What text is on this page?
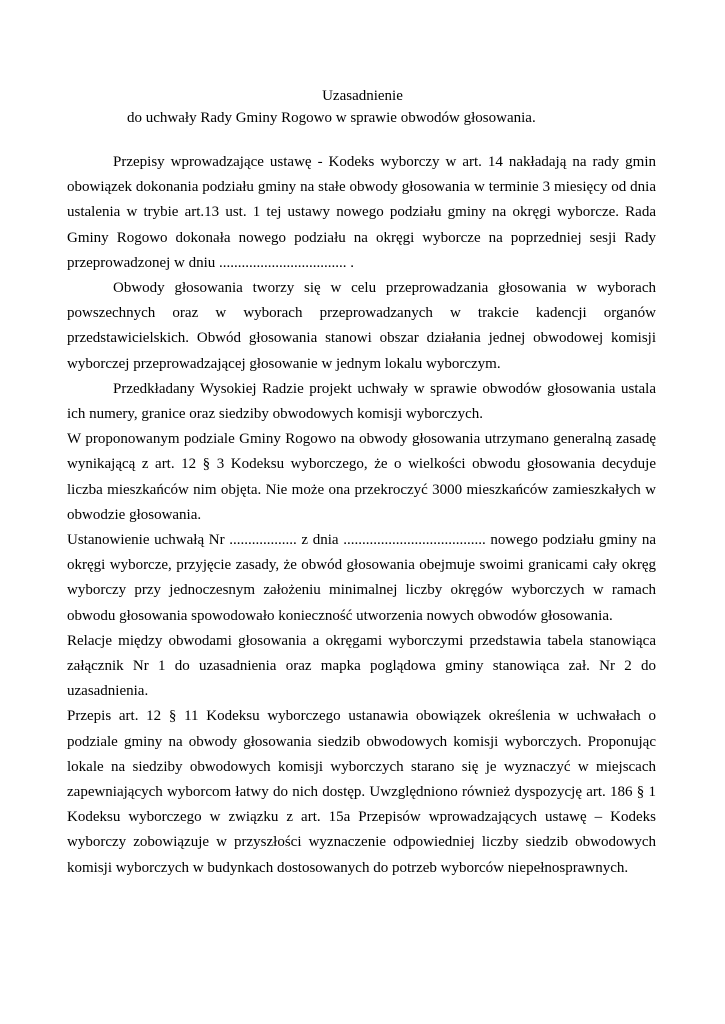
Uzasadnienie
do uchwały Rady Gminy Rogowo w sprawie obwodów głosowania.

Przepisy wprowadzające ustawę - Kodeks wyborczy w art. 14 nakładają na rady gmin obowiązek dokonania podziału gminy na stałe obwody głosowania w terminie 3 miesięcy od dnia ustalenia w trybie art.13 ust. 1 tej ustawy nowego podziału gminy na okręgi wyborcze. Rada Gminy Rogowo dokonała nowego podziału na okręgi wyborcze na poprzedniej sesji Rady przeprowadzonej w dniu .................................. .

Obwody głosowania tworzy się w celu przeprowadzania głosowania w wyborach powszechnych oraz w wyborach przeprowadzanych w trakcie kadencji organów przedstawicielskich. Obwód głosowania stanowi obszar działania jednej obwodowej komisji wyborczej przeprowadzającej głosowanie w jednym lokalu wyborczym.

Przedkładany Wysokiej Radzie projekt uchwały w sprawie obwodów głosowania ustala ich numery, granice oraz siedziby obwodowych komisji wyborczych.

W proponowanym podziale Gminy Rogowo na obwody głosowania utrzymano generalną zasadę wynikającą z art. 12 § 3 Kodeksu wyborczego, że o wielkości obwodu głosowania decyduje liczba mieszkańców nim objęta. Nie może ona przekroczyć 3000 mieszkańców zamieszkałych w obwodzie głosowania.

Ustanowienie uchwałą Nr .................. z dnia ...................................... nowego podziału gminy na okręgi wyborcze, przyjęcie zasady, że obwód głosowania obejmuje swoimi granicami cały okręg wyborczy przy jednoczesnym założeniu minimalnej liczby okręgów wyborczych w ramach obwodu głosowania spowodowało konieczność utworzenia nowych obwodów głosowania.

Relacje między obwodami głosowania a okręgami wyborczymi przedstawia tabela stanowiąca załącznik Nr 1 do uzasadnienia oraz mapka poglądowa gminy stanowiąca zał. Nr 2 do uzasadnienia.

Przepis art. 12 § 11 Kodeksu wyborczego ustanawia obowiązek określenia w uchwałach o podziale gminy na obwody głosowania siedzib obwodowych komisji wyborczych. Proponując lokale na siedziby obwodowych komisji wyborczych starano się je wyznaczyć w miejscach zapewniających wyborcom łatwy do nich dostęp. Uwzględniono również dyspozycję art. 186 § 1 Kodeksu wyborczego w związku z art. 15a Przepisów wprowadzających ustawę – Kodeks wyborczy zobowiązuje w przyszłości wyznaczenie odpowiedniej liczby siedzib obwodowych komisji wyborczych w budynkach dostosowanych do potrzeb wyborców niepełnosprawnych.
